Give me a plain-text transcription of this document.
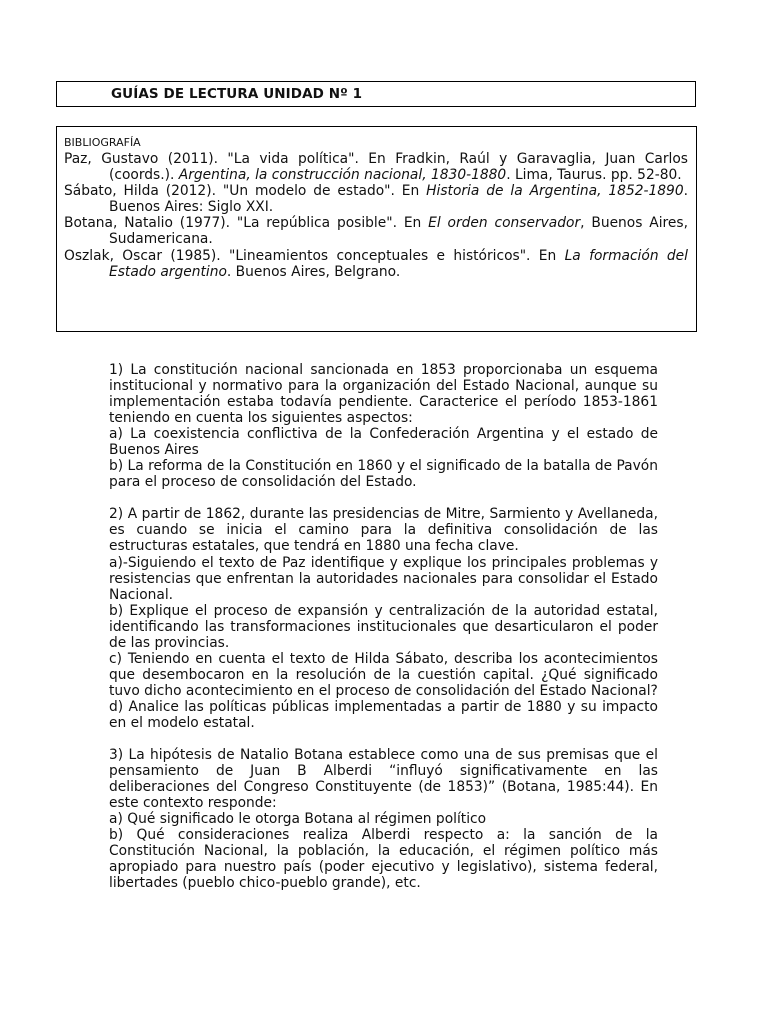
GUÍAS DE LECTURA UNIDAD Nº 1
BIBLIOGRAFÍA
Paz, Gustavo (2011). "La vida política". En Fradkin, Raúl y Garavaglia, Juan Carlos (coords.). Argentina, la construcción nacional, 1830-1880. Lima, Taurus. pp. 52-80.
Sábato, Hilda (2012). "Un modelo de estado". En Historia de la Argentina, 1852-1890. Buenos Aires: Siglo XXI.
Botana, Natalio (1977). "La república posible". En El orden conservador, Buenos Aires, Sudamericana.
Oszlak, Oscar (1985). "Lineamientos conceptuales e históricos". En La formación del Estado argentino. Buenos Aires, Belgrano.

1) La constitución nacional sancionada en 1853 proporcionaba un esquema institucional y normativo para la organización del Estado Nacional, aunque su implementación estaba todavía pendiente. Caracterice el período 1853-1861 teniendo en cuenta los siguientes aspectos:

a) La coexistencia conflictiva de la Confederación Argentina y el estado de Buenos Aires

b) La reforma de la Constitución en 1860 y el significado de la batalla de Pavón para el proceso de consolidación del Estado.

2) A partir de 1862, durante las presidencias de Mitre, Sarmiento y Avellaneda, es cuando se inicia el camino para la definitiva consolidación de las estructuras estatales, que tendrá en 1880 una fecha clave.

a)-Siguiendo el texto de Paz identifique y explique los principales problemas y resistencias que enfrentan la autoridades nacionales para consolidar el Estado Nacional.

b) Explique el proceso de expansión y centralización de la autoridad estatal, identificando las transformaciones institucionales que desarticularon el poder de las provincias.

c) Teniendo en cuenta el texto de Hilda Sábato, describa los acontecimientos que desembocaron en la resolución de la cuestión capital. ¿Qué significado tuvo dicho acontecimiento en el proceso de consolidación del Estado Nacional?

d) Analice las políticas públicas implementadas a partir de 1880 y su impacto en el modelo estatal.

3) La hipótesis de Natalio Botana establece como una de sus premisas que el pensamiento de Juan B Alberdi “influyó significativamente en las deliberaciones del Congreso Constituyente (de 1853)” (Botana, 1985:44). En este contexto responde:

a) Qué significado le otorga Botana al régimen político

b) Qué consideraciones realiza Alberdi respecto a: la sanción de la Constitución Nacional, la población, la educación, el régimen político más apropiado para nuestro país (poder ejecutivo y legislativo), sistema federal, libertades (pueblo chico-pueblo grande), etc.
